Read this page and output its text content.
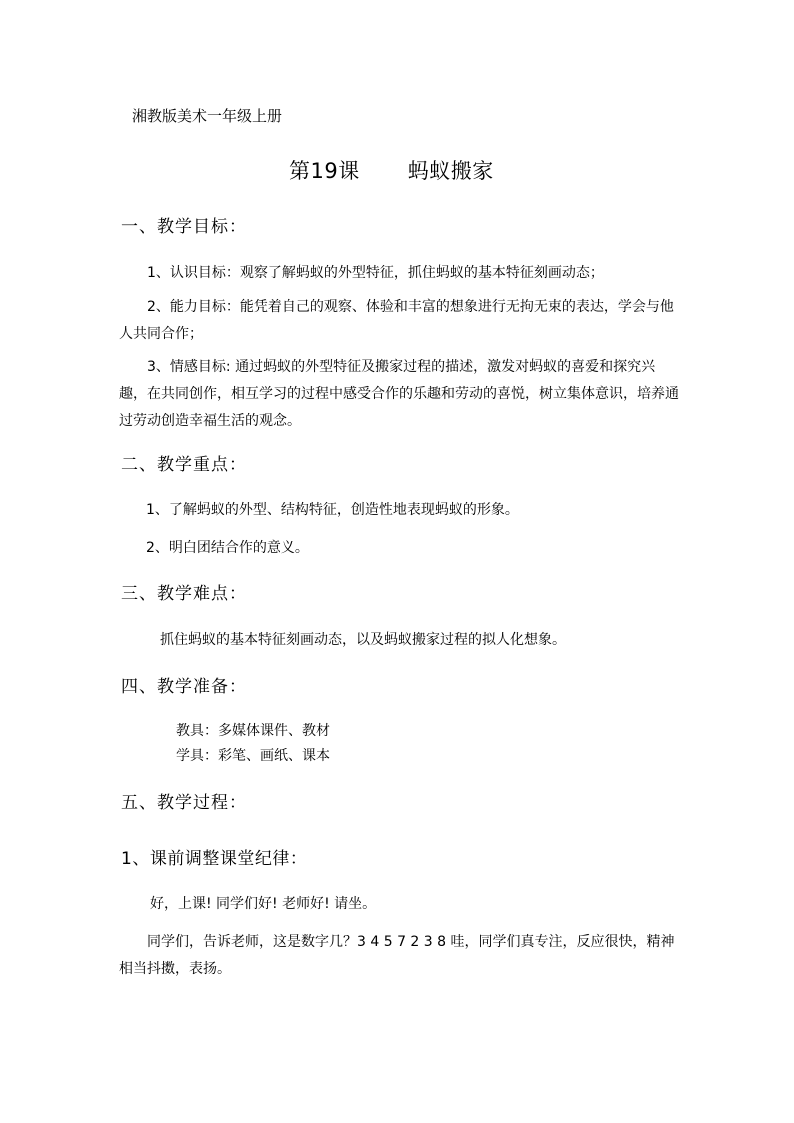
湘教版美术一年级上册
第19课 蚂蚁搬家
一、教学目标：
1、认识目标：观察了解蚂蚁的外型特征，抓住蚂蚁的基本特征刻画动态；
2、能力目标：能凭着自己的观察、体验和丰富的想象进行无拘无束的表达，学会与他人共同合作；
3、情感目标: 通过蚂蚁的外型特征及搬家过程的描述，激发对蚂蚁的喜爱和探究兴趣，在共同创作，相互学习的过程中感受合作的乐趣和劳动的喜悦，树立集体意识，培养通过劳动创造幸福生活的观念。
二、教学重点：
1、了解蚂蚁的外型、结构特征，创造性地表现蚂蚁的形象。
2、明白团结合作的意义。
三、教学难点：
抓住蚂蚁的基本特征刻画动态，以及蚂蚁搬家过程的拟人化想象。
四、教学准备：
教具：多媒体课件、教材
学具：彩笔、画纸、课本
五、教学过程：
1、课前调整课堂纪律：
好，上课! 同学们好! 老师好! 请坐。
同学们，告诉老师，这是数字几？3 4 5 7 2 3 8 哇，同学们真专注，反应很快，精神相当抖擞，表扬。
